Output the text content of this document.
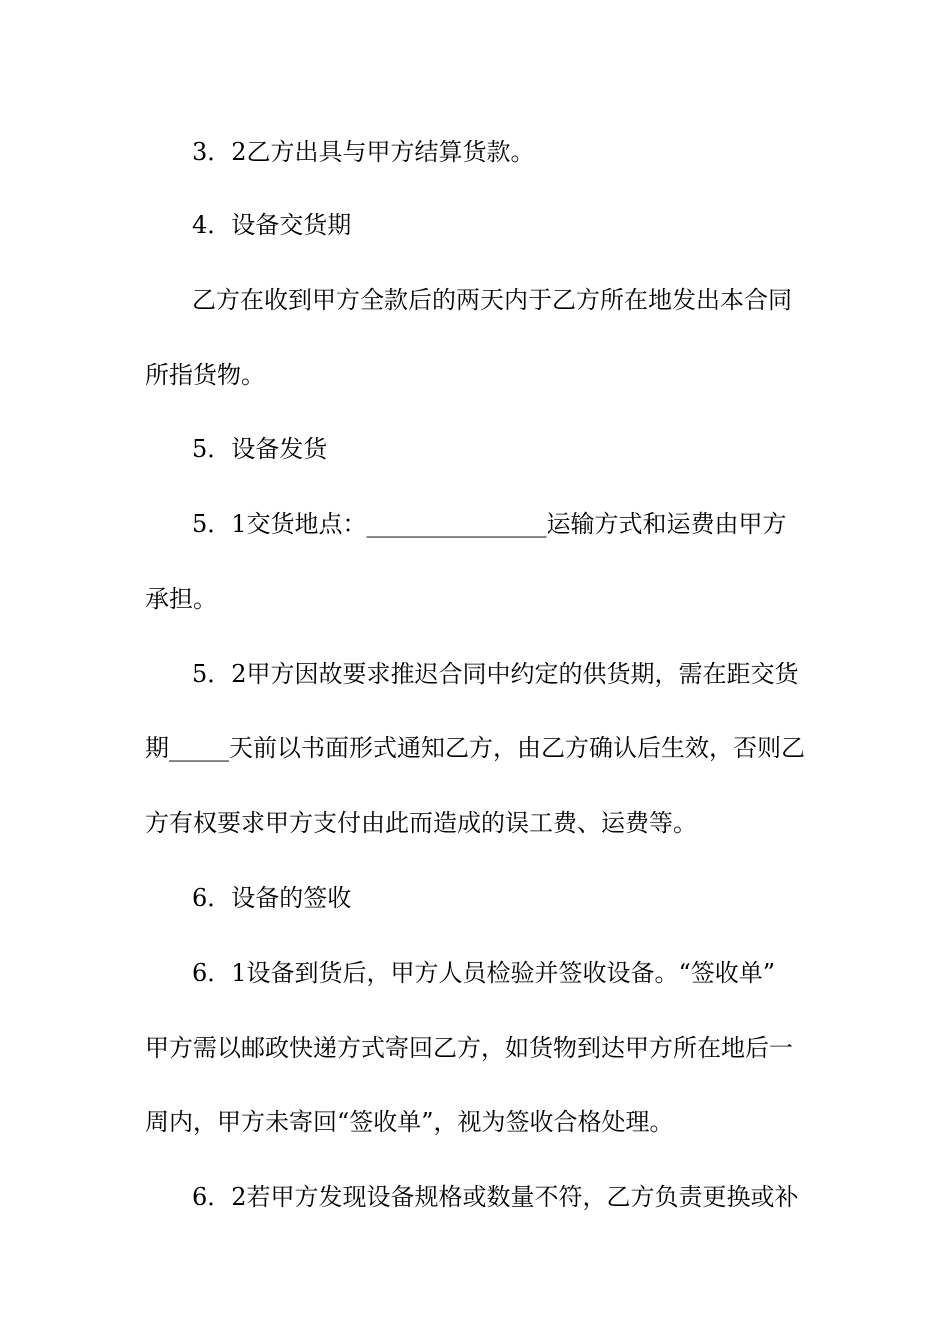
3．2乙方出具与甲方结算货款。
4．设备交货期
乙方在收到甲方全款后的两天内于乙方所在地发出本合同
所指货物。
5．设备发货
5．1交货地点：_______________运输方式和运费由甲方
承担。
5．2甲方因故要求推迟合同中约定的供货期，需在距交货
期_____天前以书面形式通知乙方，由乙方确认后生效，否则乙
方有权要求甲方支付由此而造成的误工费、运费等。
6．设备的签收
6．1设备到货后，甲方人员检验并签收设备。“签收单”
甲方需以邮政快递方式寄回乙方，如货物到达甲方所在地后一
周内，甲方未寄回“签收单”，视为签收合格处理。
6．2若甲方发现设备规格或数量不符，乙方负责更换或补
